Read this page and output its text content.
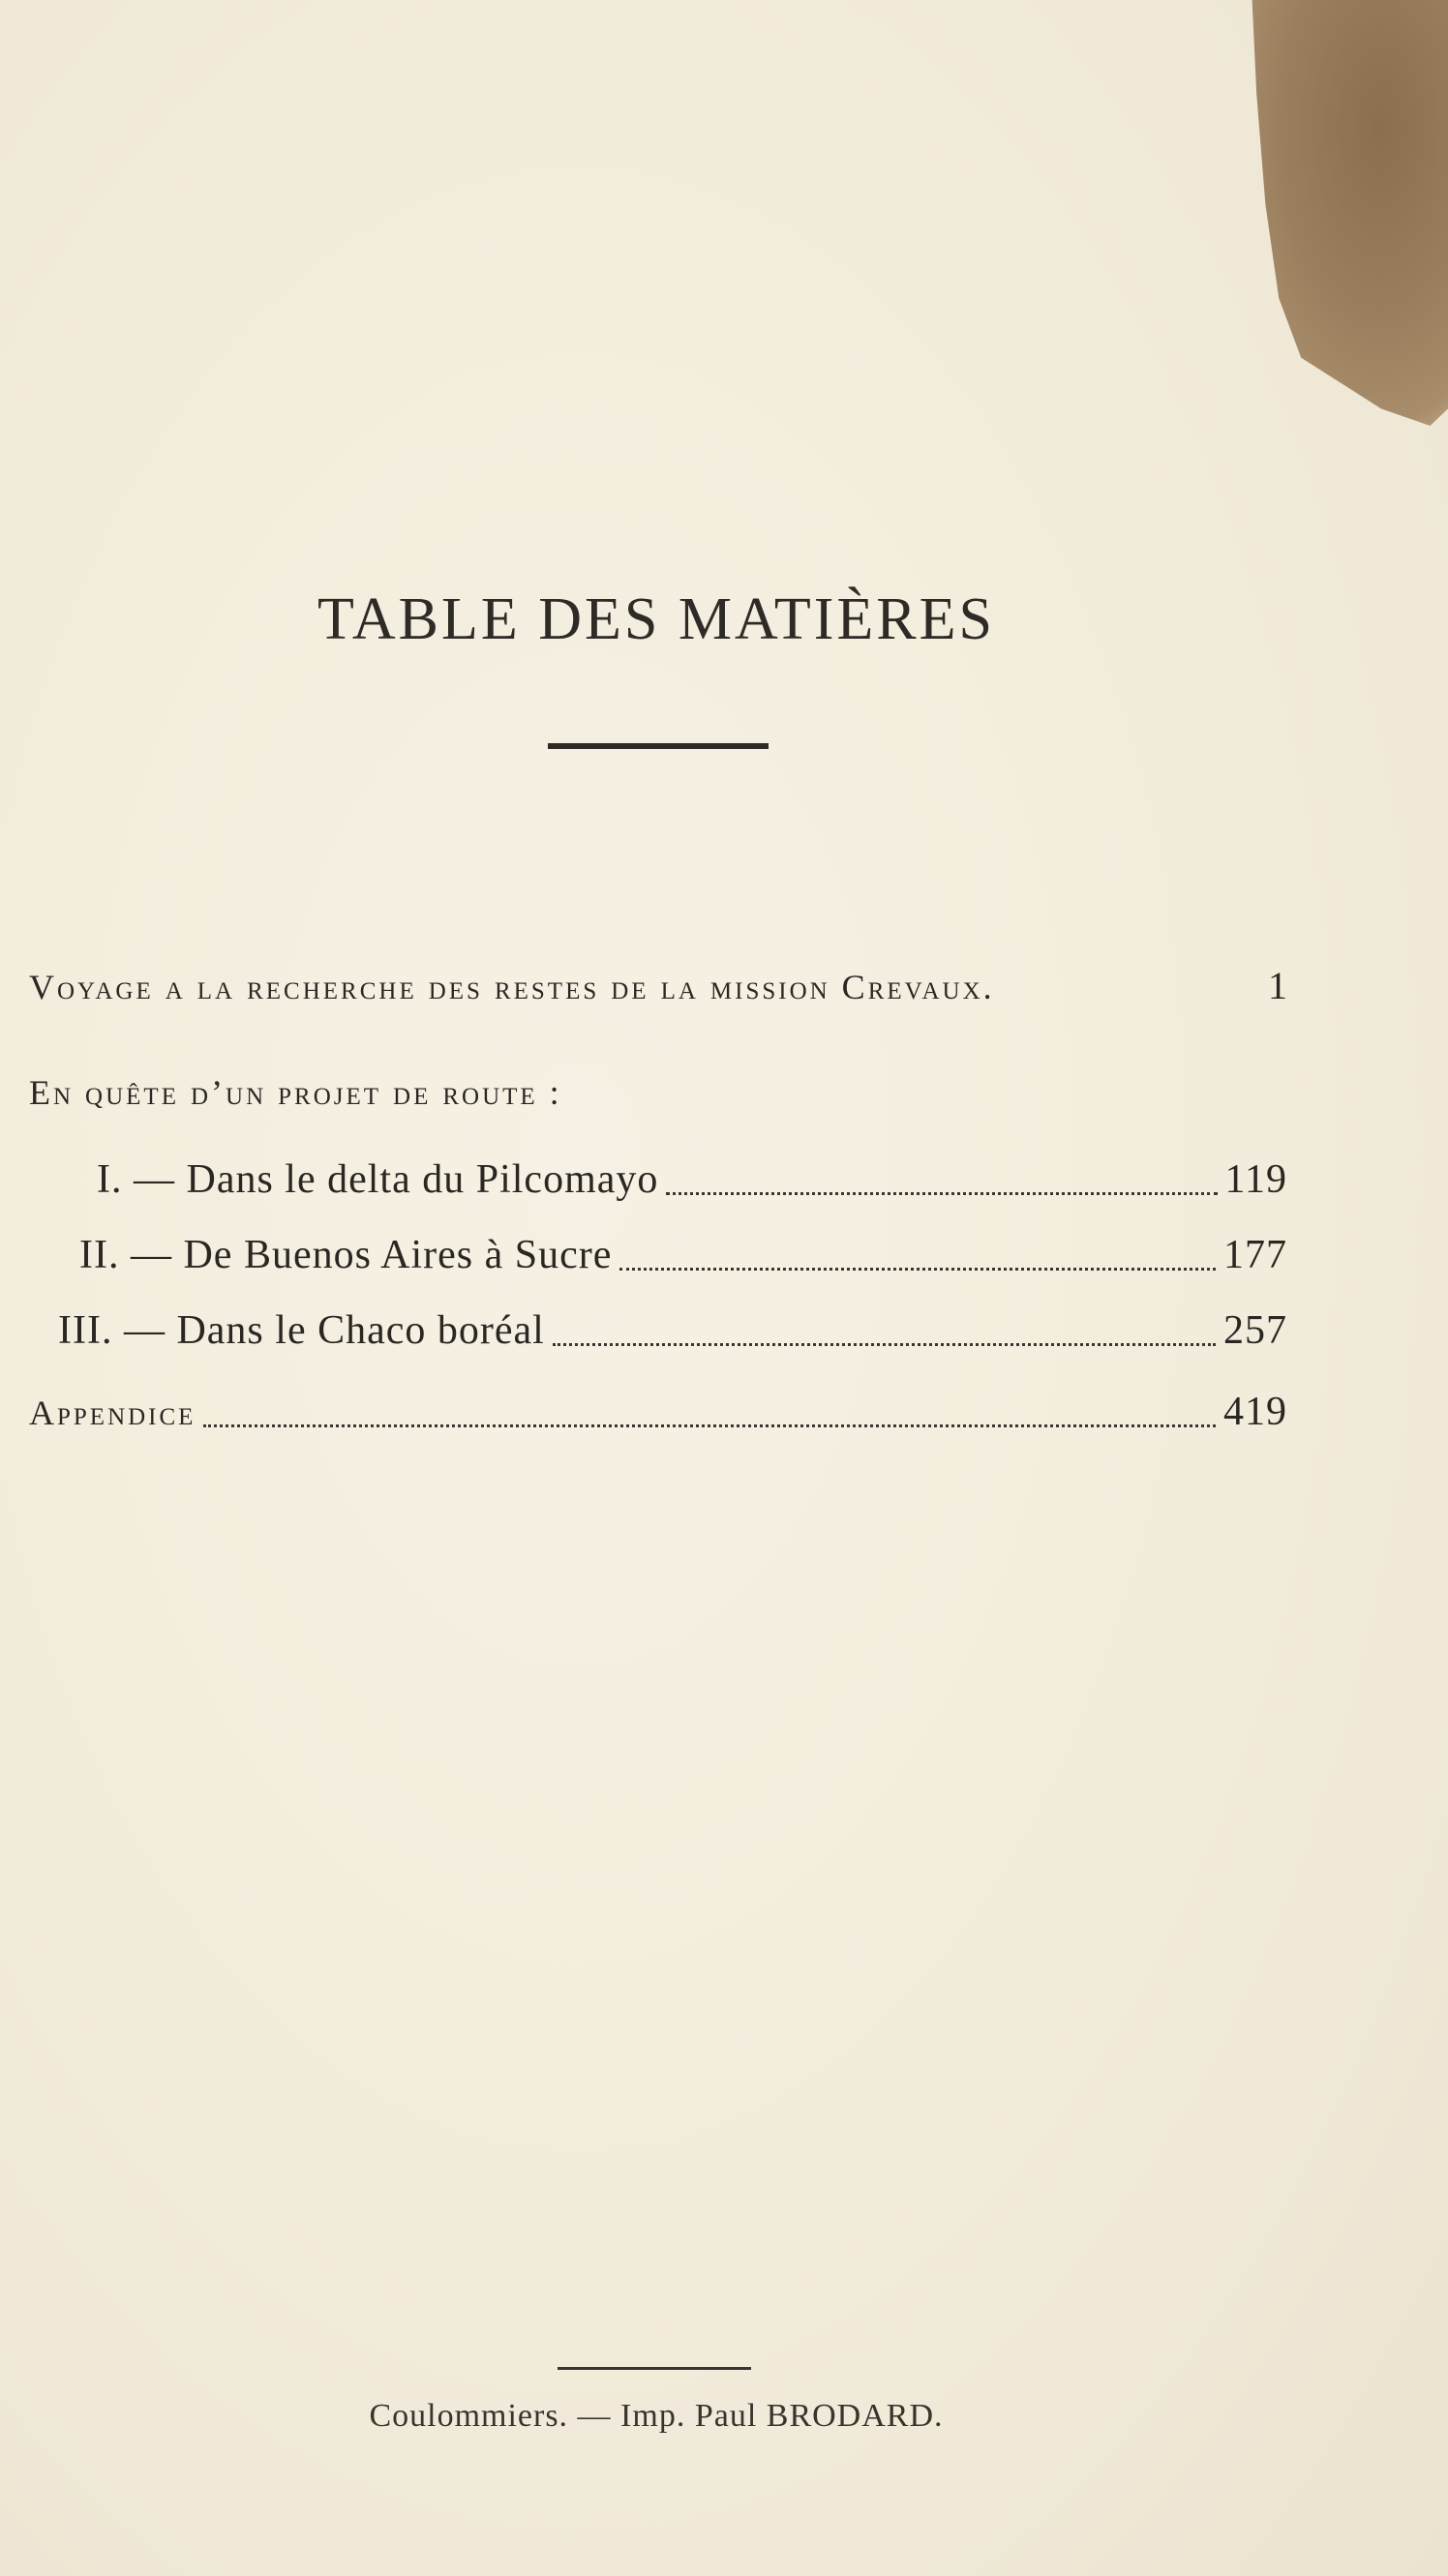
TABLE DES MATIÈRES
Voyage a la recherche des restes de la mission Crevaux.	1
En quête d’un projet de route :
I. — Dans le delta du Pilcomayo	119
II. — De Buenos Aires à Sucre	177
III. — Dans le Chaco boréal	257
Appendice	419
Coulommiers. — Imp. Paul BRODARD.
